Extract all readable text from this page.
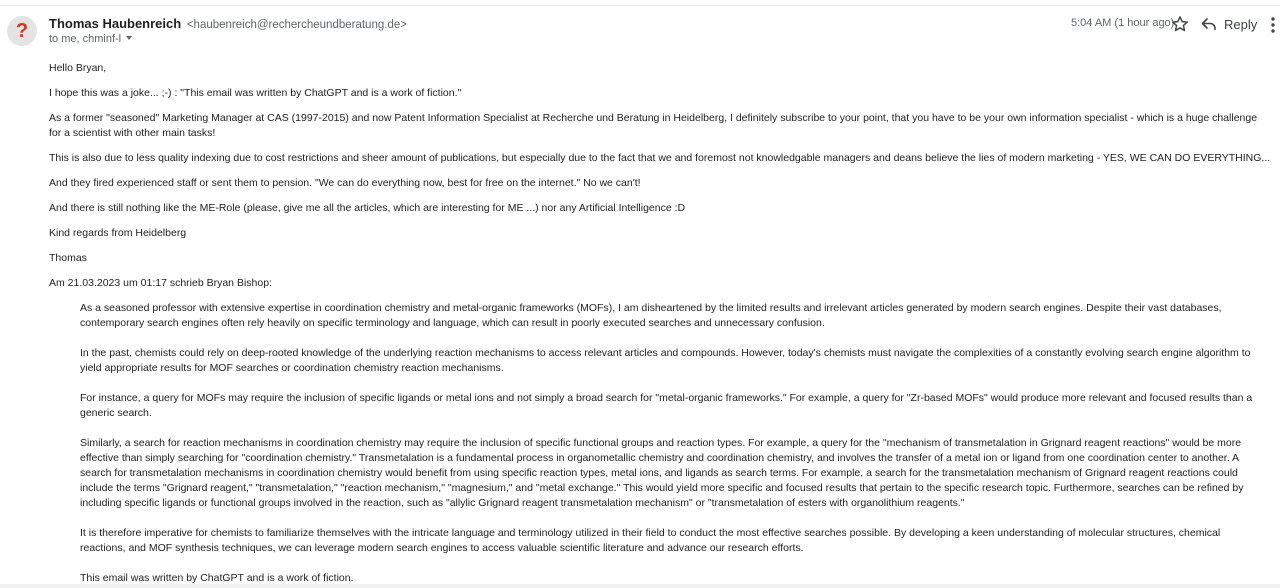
?	Thomas Haubenreich <haubenreich@rechercheundberatung.de>
to me, chminf-l
5:04 AM (1 hour ago)	Reply

Hello Bryan,

I hope this was a joke... ;-) : "This email was written by ChatGPT and is a work of fiction."

As a former "seasoned" Marketing Manager at CAS (1997-2015) and now Patent Information Specialist at Recherche und Beratung in Heidelberg, I definitely subscribe to your point, that you have to be your own information specialist - which is a huge challenge for a scientist with other main tasks!

This is also due to less quality indexing due to cost restrictions and sheer amount of publications, but especially due to the fact that we and foremost not knowledgable managers and deans believe the lies of modern marketing - YES, WE CAN DO EVERYTHING...

And they fired experienced staff or sent them to pension. "We can do everything now, best for free on the internet." No we can't!

And there is still nothing like the ME-Role (please, give me all the articles, which are interesting for ME ...) nor any Artificial Intelligence :D

Kind regards from Heidelberg

Thomas

Am 21.03.2023 um 01:17 schrieb Bryan Bishop:

As a seasoned professor with extensive expertise in coordination chemistry and metal-organic frameworks (MOFs), I am disheartened by the limited results and irrelevant articles generated by modern search engines. Despite their vast databases, contemporary search engines often rely heavily on specific terminology and language, which can result in poorly executed searches and unnecessary confusion.

In the past, chemists could rely on deep-rooted knowledge of the underlying reaction mechanisms to access relevant articles and compounds. However, today's chemists must navigate the complexities of a constantly evolving search engine algorithm to yield appropriate results for MOF searches or coordination chemistry reaction mechanisms.

For instance, a query for MOFs may require the inclusion of specific ligands or metal ions and not simply a broad search for "metal-organic frameworks." For example, a query for "Zr-based MOFs" would produce more relevant and focused results than a generic search.

Similarly, a search for reaction mechanisms in coordination chemistry may require the inclusion of specific functional groups and reaction types. For example, a query for the "mechanism of transmetalation in Grignard reagent reactions" would be more effective than simply searching for "coordination chemistry." Transmetalation is a fundamental process in organometallic chemistry and coordination chemistry, and involves the transfer of a metal ion or ligand from one coordination center to another. A search for transmetalation mechanisms in coordination chemistry would benefit from using specific reaction types, metal ions, and ligands as search terms. For example, a search for the transmetalation mechanism of Grignard reagent reactions could include the terms "Grignard reagent," "transmetalation," "reaction mechanism," "magnesium," and "metal exchange." This would yield more specific and focused results that pertain to the specific research topic. Furthermore, searches can be refined by including specific ligands or functional groups involved in the reaction, such as "allylic Grignard reagent transmetalation mechanism" or "transmetalation of esters with organolithium reagents."

It is therefore imperative for chemists to familiarize themselves with the intricate language and terminology utilized in their field to conduct the most effective searches possible. By developing a keen understanding of molecular structures, chemical reactions, and MOF synthesis techniques, we can leverage modern search engines to access valuable scientific literature and advance our research efforts.

This email was written by ChatGPT and is a work of fiction.
